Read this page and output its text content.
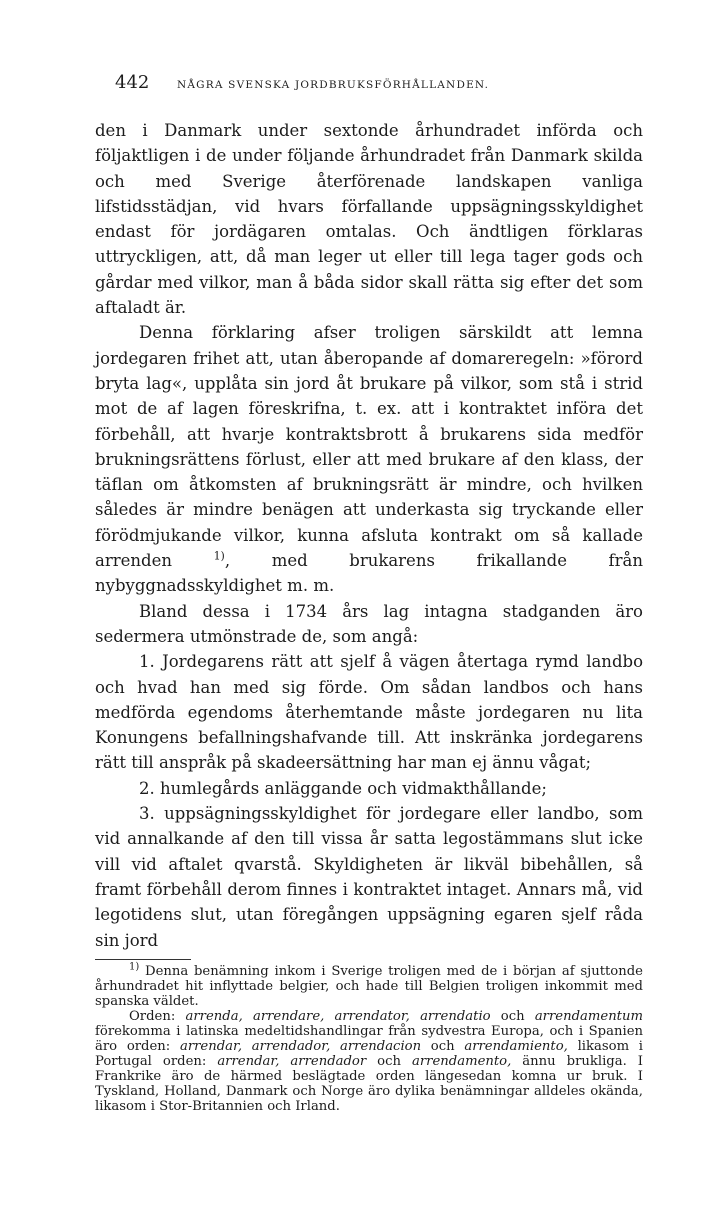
442	NÅGRA SVENSKA JORDBRUKSFÖRHÅLLANDEN.

den i Danmark under sextonde århundradet införda och följaktligen i de under följande århundradet från Danmark skilda och med Sverige återförenade landskapen vanliga lifstidsstädjan, vid hvars förfallande uppsägningsskyldighet endast för jordägaren omtalas. Och ändtligen förklaras uttryckligen, att, då man leger ut eller till lega tager gods och gårdar med vilkor, man å båda sidor skall rätta sig efter det som aftaladt är.

Denna förklaring afser troligen särskildt att lemna jordegaren frihet att, utan åberopande af domareregeln: »förord bryta lag«, upplåta sin jord åt brukare på vilkor, som stå i strid mot de af lagen föreskrifna, t. ex. att i kontraktet införa det förbehåll, att hvarje kontraktsbrott å brukarens sida medför brukningsrättens förlust, eller att med brukare af den klass, der täflan om åtkomsten af brukningsrätt är mindre, och hvilken således är mindre benägen att underkasta sig tryckande eller förödmjukande vilkor, kunna afsluta kontrakt om så kallade arrenden	$^{1)}$, med brukarens frikallande från nybyggnadsskyldighet m. m.

Bland dessa i 1734 års lag intagna stadganden äro sedermera utmönstrade de, som angå:

1. Jordegarens rätt att sjelf å vägen återtaga rymd landbo och hvad han med sig förde. Om sådan landbos och hans medförda egendoms återhemtande måste jordegaren nu lita Konungens befallningshafvande till. Att inskränka jordegarens rätt till anspråk på skadeersättning har man ej ännu vågat;

2. humlegårds anläggande och vidmakthållande;

3. uppsägningsskyldighet för jordegare eller landbo, som vid annalkande af den till vissa år satta legostämmans slut icke vill vid aftalet qvarstå. Skyldigheten är likväl bibehållen, så framt förbehåll derom finnes i kontraktet intaget. Annars må, vid legotidens slut, utan föregången uppsägning egaren sjelf råda sin jord

$^{1)}$ Denna benämning inkom i Sverige troligen med de i början af sjuttonde århundradet hit inflyttade belgier, och hade till Belgien troligen inkommit med spanska väldet.

Orden: arrenda, arrendare, arrendator, arrendatio och arrendamentum förekomma i latinska medeltidshandlingar från sydvestra Europa, och i Spanien äro orden: arrendar, arrendador, arrendacion och arrendamiento, likasom i Portugal orden: arrendar, arrendador och arrendamento, ännu brukliga. I Frankrike äro de härmed beslägtade orden längesedan komna ur bruk. I Tyskland, Holland, Danmark och Norge äro dylika benämningar alldeles okända, likasom i Stor-Britannien och Irland.
